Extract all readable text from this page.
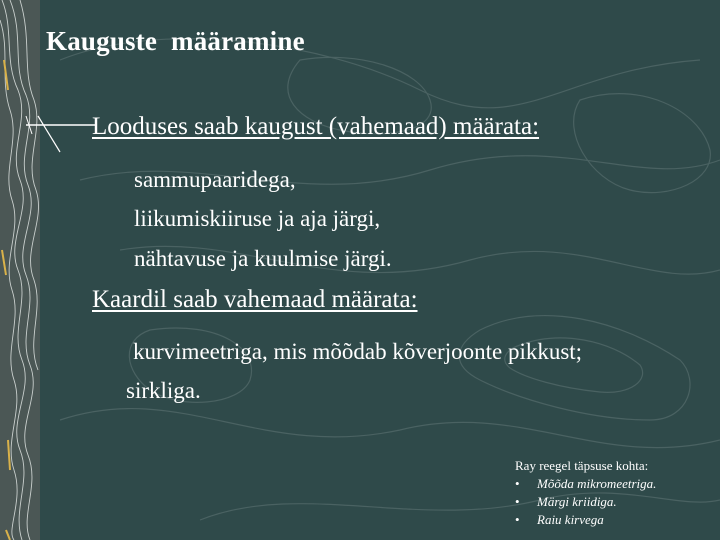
Kauguste  määramine
Looduses saab kaugust (vahemaad) määrata:
sammupaaridega,
liikumiskiiruse ja aja järgi,
nähtavuse ja kuulmise järgi.
Kaardil saab vahemaad määrata:
kurvimeetriga, mis mõõdab kõverjoonte pikkust;
sirkliga.
Ray reegel täpsuse kohta:
• Mõõda mikromeetriga.
• Märgi kriidiga.
• Raiu kirvega
